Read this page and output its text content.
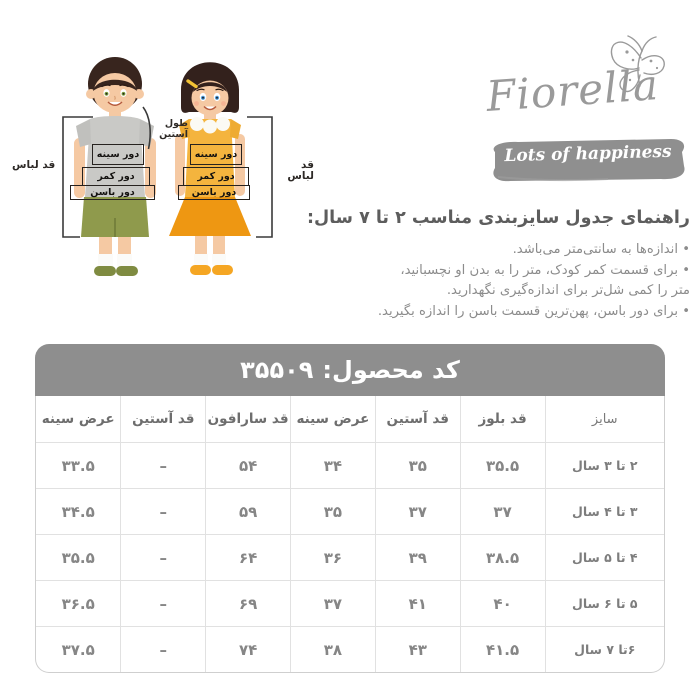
دور سینه
دور کمر
دور باسن
دور سینه
دور کمر
دور باسن
قد لباس	قد لباس
طول
آستین
Fiorella
Lots of happiness
راهنمای جدول سایزبندی مناسب ۲ تا ۷ سال:
• اندازه‌ها به سانتی‌متر می‌باشد.
• برای قسمت کمر کودک، متر را به بدن او نچسبانید،
متر را کمی شل‌تر برای اندازه‌گیری نگهدارید.
• برای دور باسن، پهن‌ترین قسمت باسن را اندازه بگیرید.
کد محصول:
۳۵۵۰۹
سایز	قد بلوز	قد آستین	عرض سینه	قد سارافون	قد آستین	عرض سینه
۲ تا ۳ سال	۳۵.۵	۳۵	۳۴	۵۴	–	۳۳.۵
۳ تا ۴ سال	۳۷	۳۷	۳۵	۵۹	–	۳۴.۵
۴ تا ۵ سال	۳۸.۵	۳۹	۳۶	۶۴	–	۳۵.۵
۵ تا ۶ سال	۴۰	۴۱	۳۷	۶۹	–	۳۶.۵
۶تا ۷ سال	۴۱.۵	۴۳	۳۸	۷۴	–	۳۷.۵
